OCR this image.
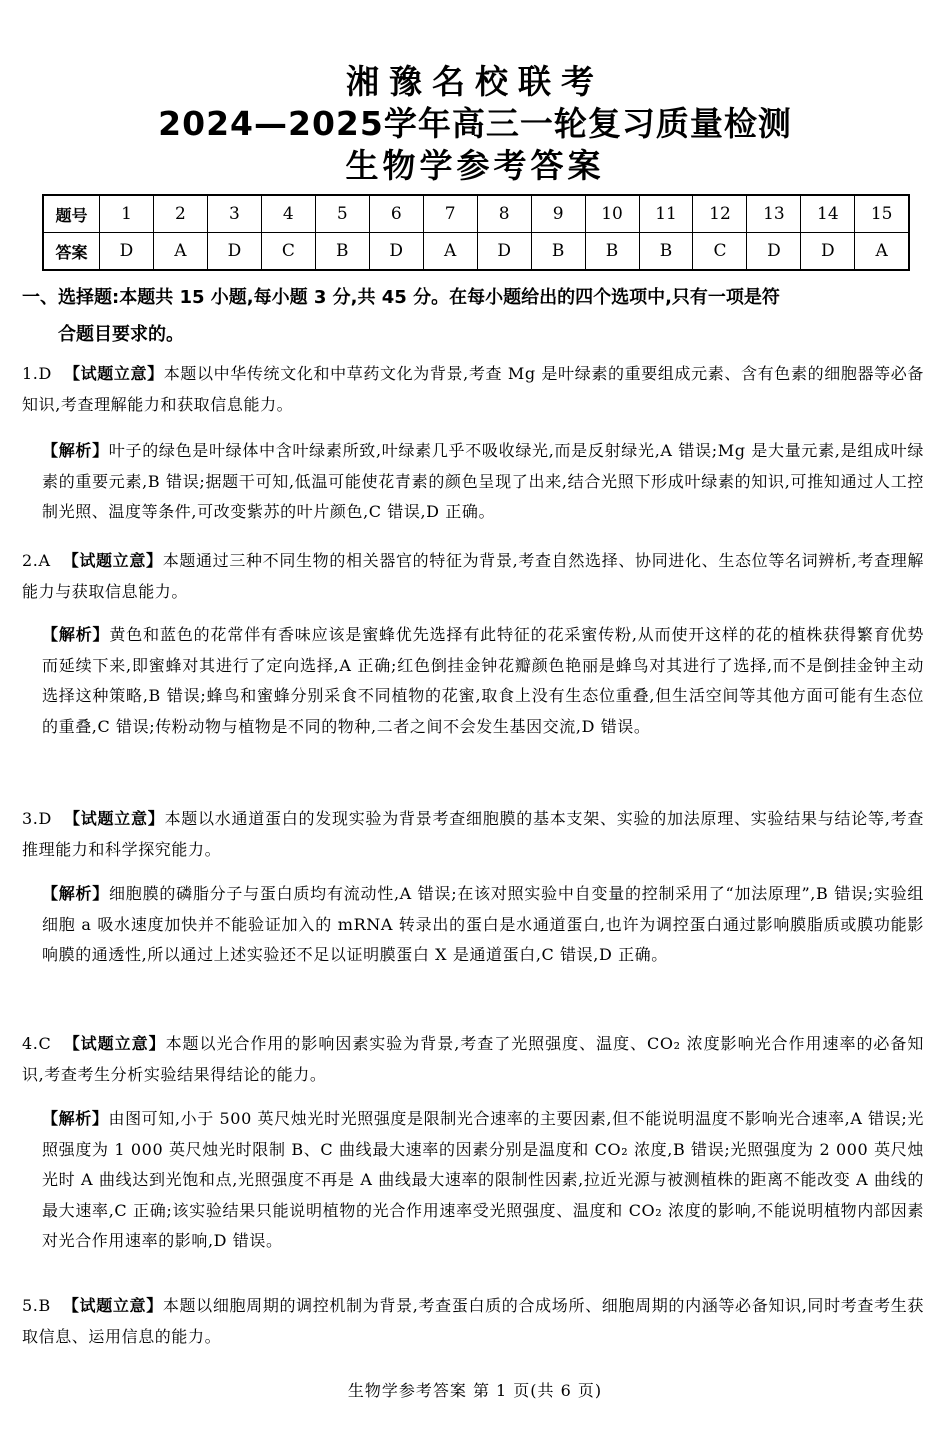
湘豫名校联考
2024—2025学年高三一轮复习质量检测
生物学参考答案
题号	1	2	3	4	5	6	7	8	9	10	11	12	13	14	15
答案	D	A	D	C	B	D	A	D	B	B	B	C	D	D	A
一、选择题:本题共 15 小题,每小题 3 分,共 45 分。在每小题给出的四个选项中,只有一项是符
合题目要求的。
1.D 【试题立意】本题以中华传统文化和中草药文化为背景,考查 Mg 是叶绿素的重要组成元素、含有色素的细胞器等必备知识,考查理解能力和获取信息能力。
【解析】叶子的绿色是叶绿体中含叶绿素所致,叶绿素几乎不吸收绿光,而是反射绿光,A 错误;Mg 是大量元素,是组成叶绿素的重要元素,B 错误;据题干可知,低温可能使花青素的颜色呈现了出来,结合光照下形成叶绿素的知识,可推知通过人工控制光照、温度等条件,可改变紫苏的叶片颜色,C 错误,D 正确。
2.A 【试题立意】本题通过三种不同生物的相关器官的特征为背景,考查自然选择、协同进化、生态位等名词辨析,考查理解能力与获取信息能力。
【解析】黄色和蓝色的花常伴有香味应该是蜜蜂优先选择有此特征的花采蜜传粉,从而使开这样的花的植株获得繁育优势而延续下来,即蜜蜂对其进行了定向选择,A 正确;红色倒挂金钟花瓣颜色艳丽是蜂鸟对其进行了选择,而不是倒挂金钟主动选择这种策略,B 错误;蜂鸟和蜜蜂分别采食不同植物的花蜜,取食上没有生态位重叠,但生活空间等其他方面可能有生态位的重叠,C 错误;传粉动物与植物是不同的物种,二者之间不会发生基因交流,D 错误。
3.D 【试题立意】本题以水通道蛋白的发现实验为背景考查细胞膜的基本支架、实验的加法原理、实验结果与结论等,考查推理能力和科学探究能力。
【解析】细胞膜的磷脂分子与蛋白质均有流动性,A 错误;在该对照实验中自变量的控制采用了“加法原理”,B 错误;实验组细胞 a 吸水速度加快并不能验证加入的 mRNA 转录出的蛋白是水通道蛋白,也许为调控蛋白通过影响膜脂质或膜功能影响膜的通透性,所以通过上述实验还不足以证明膜蛋白 X 是通道蛋白,C 错误,D 正确。
4.C 【试题立意】本题以光合作用的影响因素实验为背景,考查了光照强度、温度、CO₂ 浓度影响光合作用速率的必备知识,考查考生分析实验结果得结论的能力。
【解析】由图可知,小于 500 英尺烛光时光照强度是限制光合速率的主要因素,但不能说明温度不影响光合速率,A 错误;光照强度为 1 000 英尺烛光时限制 B、C 曲线最大速率的因素分别是温度和 CO₂ 浓度,B 错误;光照强度为 2 000 英尺烛光时 A 曲线达到光饱和点,光照强度不再是 A 曲线最大速率的限制性因素,拉近光源与被测植株的距离不能改变 A 曲线的最大速率,C 正确;该实验结果只能说明植物的光合作用速率受光照强度、温度和 CO₂ 浓度的影响,不能说明植物内部因素对光合作用速率的影响,D 错误。
5.B 【试题立意】本题以细胞周期的调控机制为背景,考查蛋白质的合成场所、细胞周期的内涵等必备知识,同时考查考生获取信息、运用信息的能力。
生物学参考答案 第 1 页(共 6 页)
